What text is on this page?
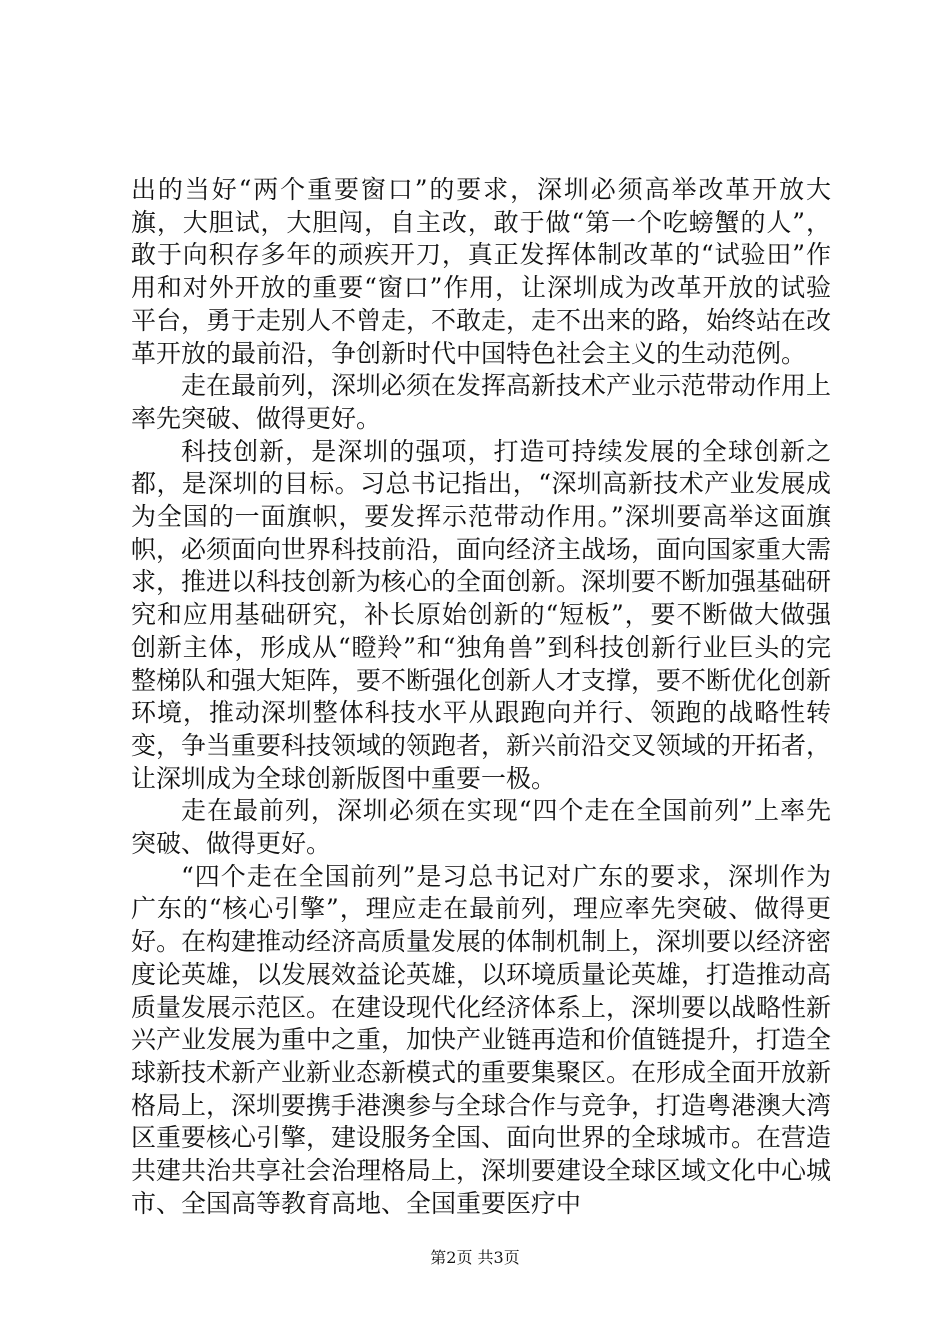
出的当好“两个重要窗口”的要求，深圳必须高举改革开放大旗，大胆试，大胆闯，自主改，敢于做“第一个吃螃蟹的人”，敢于向积存多年的顽疾开刀，真正发挥体制改革的“试验田”作用和对外开放的重要“窗口”作用，让深圳成为改革开放的试验平台，勇于走别人不曾走，不敢走，走不出来的路，始终站在改革开放的最前沿，争创新时代中国特色社会主义的生动范例。

走在最前列，深圳必须在发挥高新技术产业示范带动作用上率先突破、做得更好。

科技创新，是深圳的强项，打造可持续发展的全球创新之都，是深圳的目标。习总书记指出，“深圳高新技术产业发展成为全国的一面旗帜，要发挥示范带动作用。”深圳要高举这面旗帜，必须面向世界科技前沿，面向经济主战场，面向国家重大需求，推进以科技创新为核心的全面创新。深圳要不断加强基础研究和应用基础研究，补长原始创新的“短板”，要不断做大做强创新主体，形成从“瞪羚”和“独角兽”到科技创新行业巨头的完整梯队和强大矩阵，要不断强化创新人才支撑，要不断优化创新环境，推动深圳整体科技水平从跟跑向并行、领跑的战略性转变，争当重要科技领域的领跑者，新兴前沿交叉领域的开拓者，让深圳成为全球创新版图中重要一极。

走在最前列，深圳必须在实现“四个走在全国前列”上率先突破、做得更好。

“四个走在全国前列”是习总书记对广东的要求，深圳作为广东的“核心引擎”，理应走在最前列，理应率先突破、做得更好。在构建推动经济高质量发展的体制机制上，深圳要以经济密度论英雄，以发展效益论英雄，以环境质量论英雄，打造推动高质量发展示范区。在建设现代化经济体系上，深圳要以战略性新兴产业发展为重中之重，加快产业链再造和价值链提升，打造全球新技术新产业新业态新模式的重要集聚区。在形成全面开放新格局上，深圳要携手港澳参与全球合作与竞争，打造粤港澳大湾区重要核心引擎，建设服务全国、面向世界的全球城市。在营造共建共治共享社会治理格局上，深圳要建设全球区域文化中心城市、全国高等教育高地、全国重要医疗中

第2页 共3页
